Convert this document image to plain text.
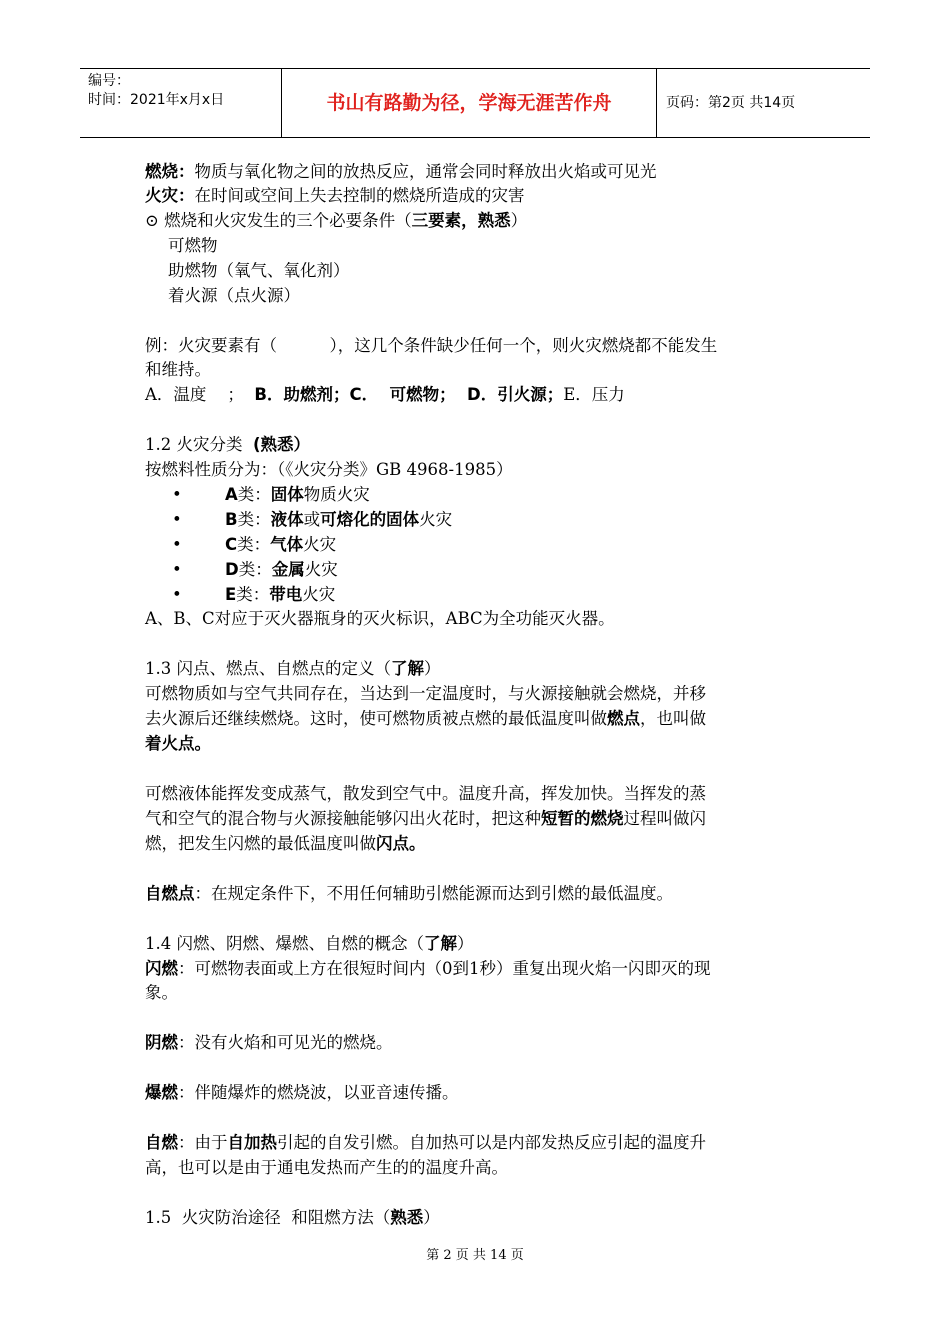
编号：
时间：2021年x月x日	书山有路勤为径，学海无涯苦作舟	页码：第2页 共14页
燃烧：物质与氧化物之间的放热反应，通常会同时释放出火焰或可见光
火灾：在时间或空间上失去控制的燃烧所造成的灾害
⊙ 燃烧和火灾发生的三个必要条件（三要素，熟悉）
可燃物
助燃物（氧气、氧化剂）
着火源（点火源）
例：火灾要素有（          ），这几个条件缺少任何一个，则火灾燃烧都不能发生
和维持。
A．温度    ；  B．助燃剂；C．  可燃物；  D．引火源；E．压力
1.2 火灾分类  (熟悉）
按燃料性质分为：（《火灾分类》GB 4968-1985）
•	A类：固体物质火灾
•	B类：液体或可熔化的固体火灾
•	C类：气体火灾
•	D类：金属火灾
•	E类：带电火灾
A、B、C对应于灭火器瓶身的灭火标识，ABC为全功能灭火器。
1.3 闪点、燃点、自燃点的定义（了解）
可燃物质如与空气共同存在，当达到一定温度时，与火源接触就会燃烧，并移
去火源后还继续燃烧。这时，使可燃物质被点燃的最低温度叫做燃点，也叫做
着火点。
可燃液体能挥发变成蒸气，散发到空气中。温度升高，挥发加快。当挥发的蒸
气和空气的混合物与火源接触能够闪出火花时，把这种短暂的燃烧过程叫做闪
燃，把发生闪燃的最低温度叫做闪点。
自燃点：在规定条件下，不用任何辅助引燃能源而达到引燃的最低温度。
1.4 闪燃、阴燃、爆燃、自燃的概念（了解）
闪燃：可燃物表面或上方在很短时间内（0到1秒）重复出现火焰一闪即灭的现
象。
阴燃：没有火焰和可见光的燃烧。
爆燃：伴随爆炸的燃烧波，以亚音速传播。
自燃：由于自加热引起的自发引燃。自加热可以是内部发热反应引起的温度升
高，也可以是由于通电发热而产生的的温度升高。
1.5  火灾防治途径  和阻燃方法（熟悉）
第 2 页 共 14 页
